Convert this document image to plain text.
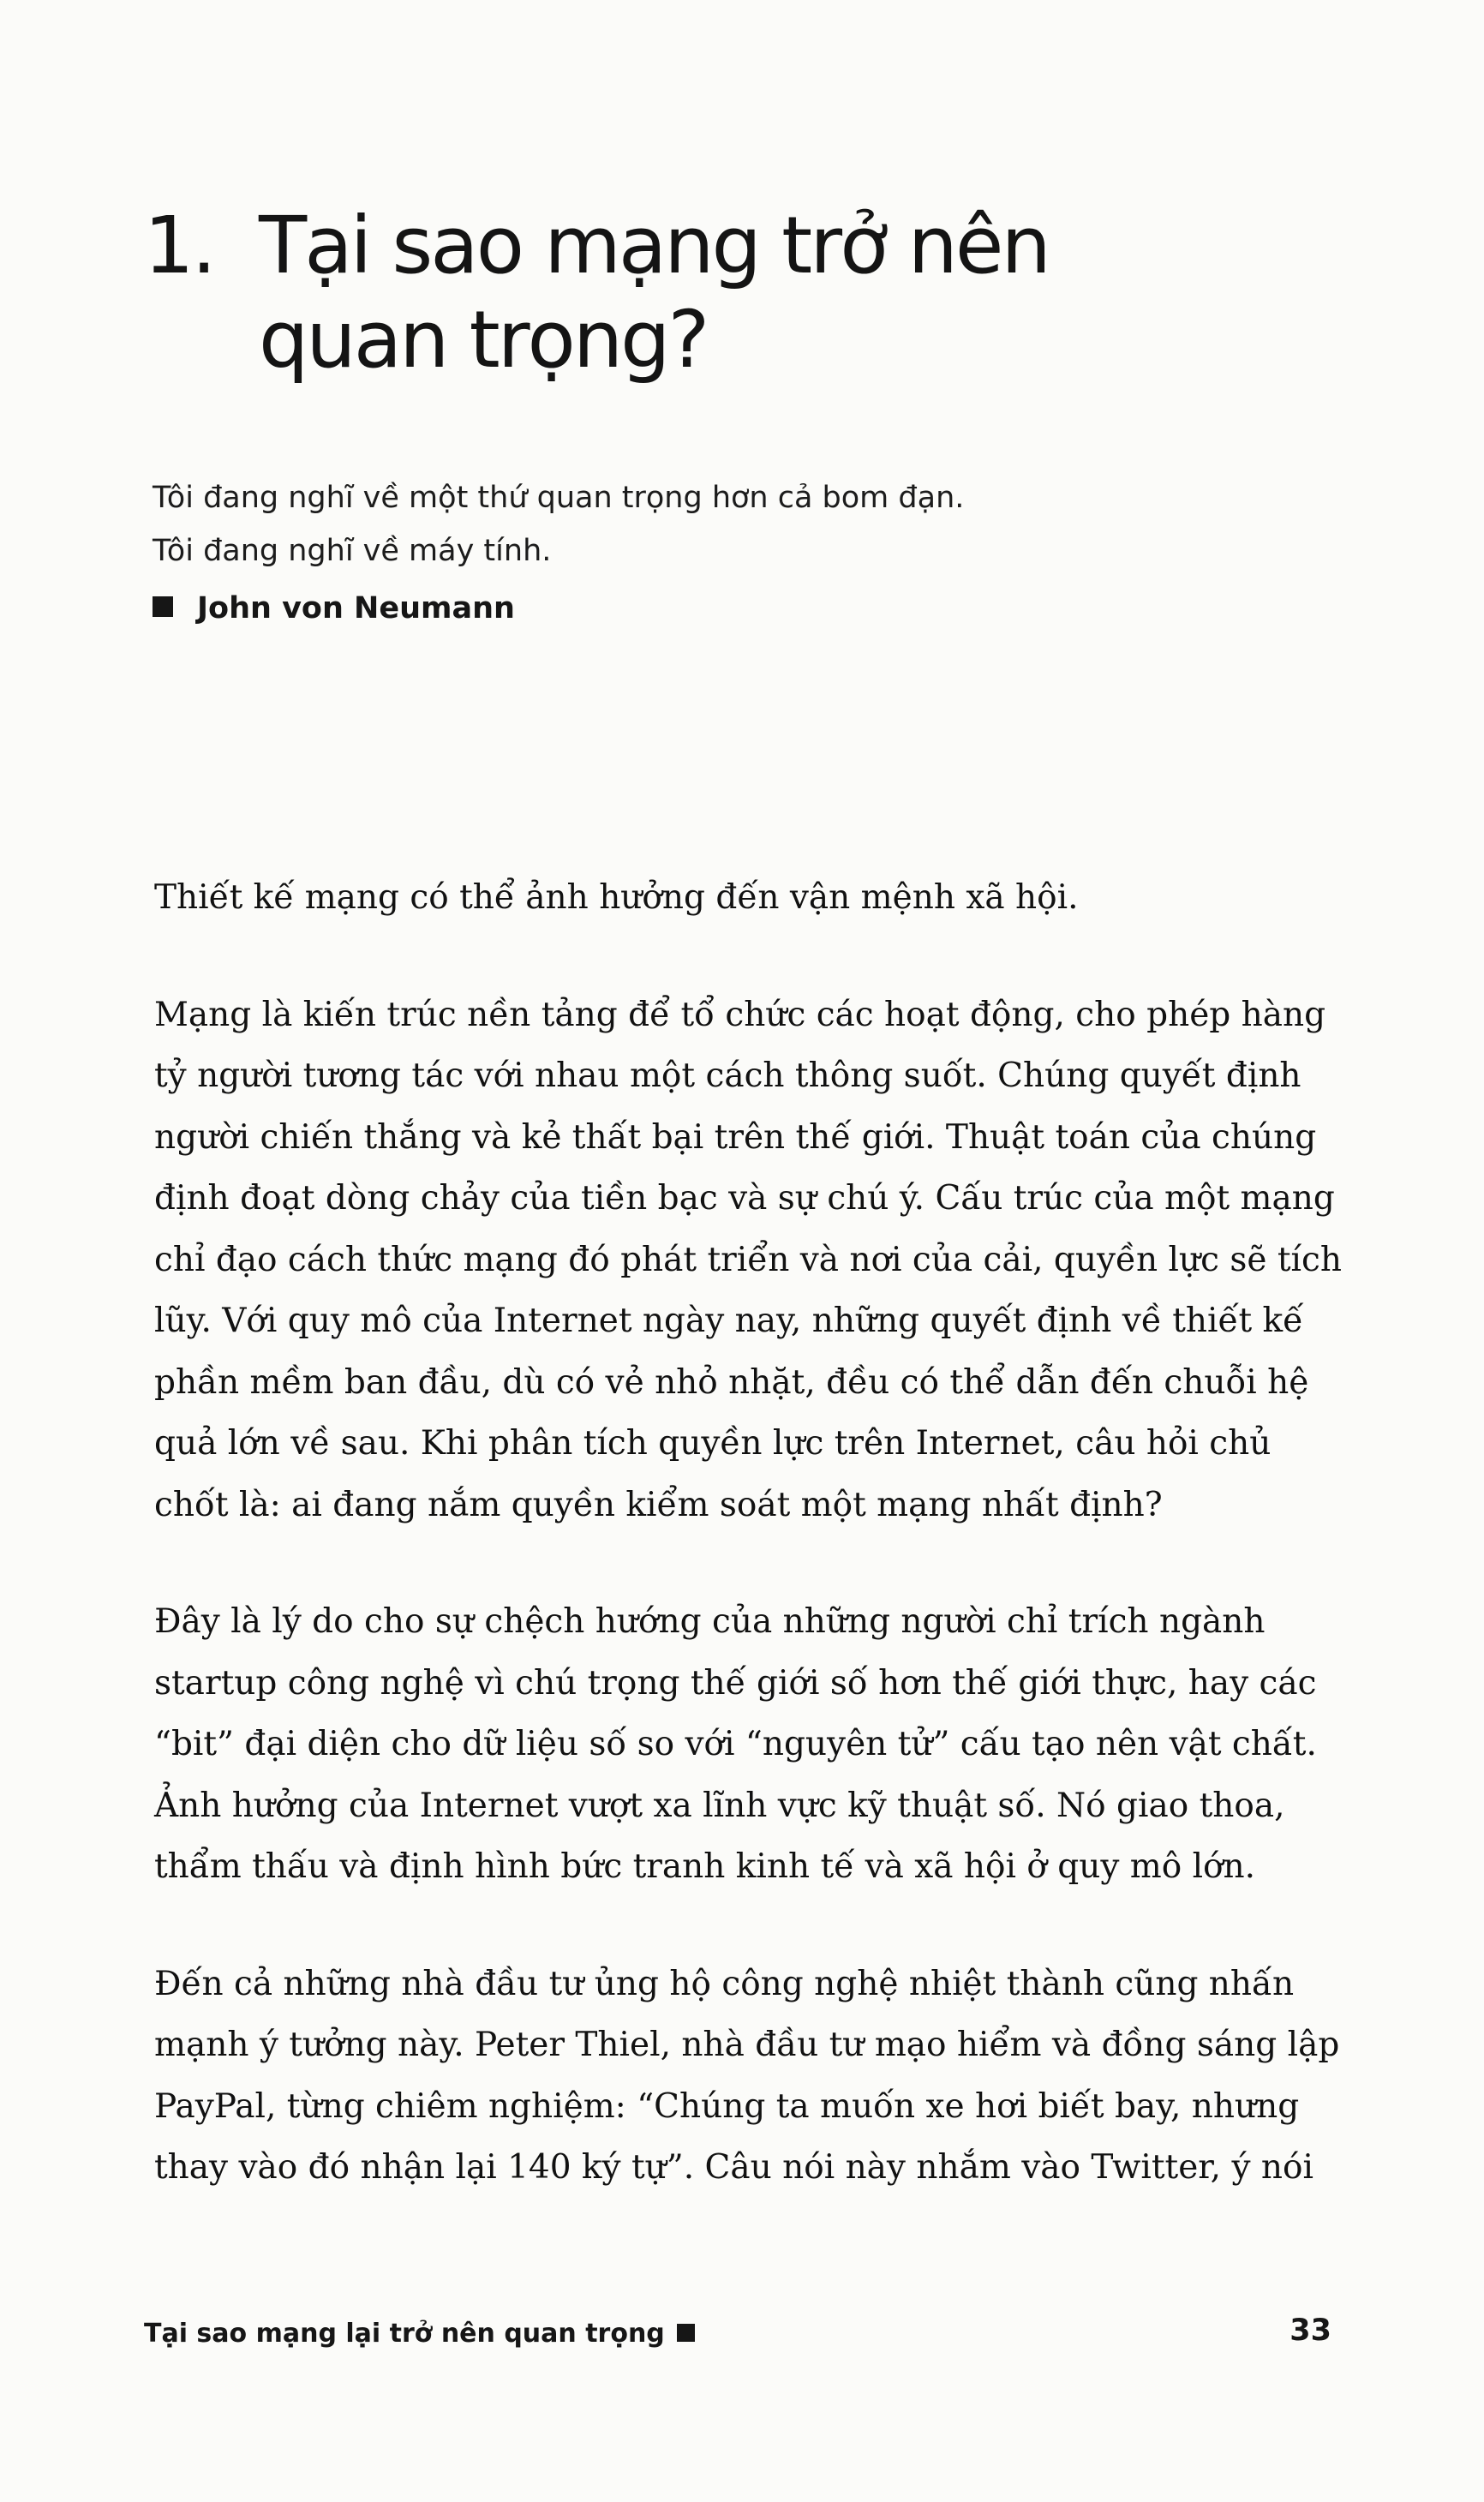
1. Tại sao mạng trở nên
quan trọng?
Tôi đang nghĩ về một thứ quan trọng hơn cả bom đạn.
Tôi đang nghĩ về máy tính.
John von Neumann

Thiết kế mạng có thể ảnh hưởng đến vận mệnh xã hội.

Mạng là kiến trúc nền tảng để tổ chức các hoạt động, cho phép hàng
tỷ người tương tác với nhau một cách thông suốt. Chúng quyết định
người chiến thắng và kẻ thất bại trên thế giới. Thuật toán của chúng
định đoạt dòng chảy của tiền bạc và sự chú ý. Cấu trúc của một mạng
chỉ đạo cách thức mạng đó phát triển và nơi của cải, quyền lực sẽ tích
lũy. Với quy mô của Internet ngày nay, những quyết định về thiết kế
phần mềm ban đầu, dù có vẻ nhỏ nhặt, đều có thể dẫn đến chuỗi hệ
quả lớn về sau. Khi phân tích quyền lực trên Internet, câu hỏi chủ
chốt là: ai đang nắm quyền kiểm soát một mạng nhất định?

Đây là lý do cho sự chệch hướng của những người chỉ trích ngành
startup công nghệ vì chú trọng thế giới số hơn thế giới thực, hay các
“bit” đại diện cho dữ liệu số so với “nguyên tử” cấu tạo nên vật chất.
Ảnh hưởng của Internet vượt xa lĩnh vực kỹ thuật số. Nó giao thoa,
thẩm thấu và định hình bức tranh kinh tế và xã hội ở quy mô lớn.

Đến cả những nhà đầu tư ủng hộ công nghệ nhiệt thành cũng nhấn
mạnh ý tưởng này. Peter Thiel, nhà đầu tư mạo hiểm và đồng sáng lập
PayPal, từng chiêm nghiệm: “Chúng ta muốn xe hơi biết bay, nhưng
thay vào đó nhận lại 140 ký tự”. Câu nói này nhắm vào Twitter, ý nói

Tại sao mạng lại trở nên quan trọng	33
